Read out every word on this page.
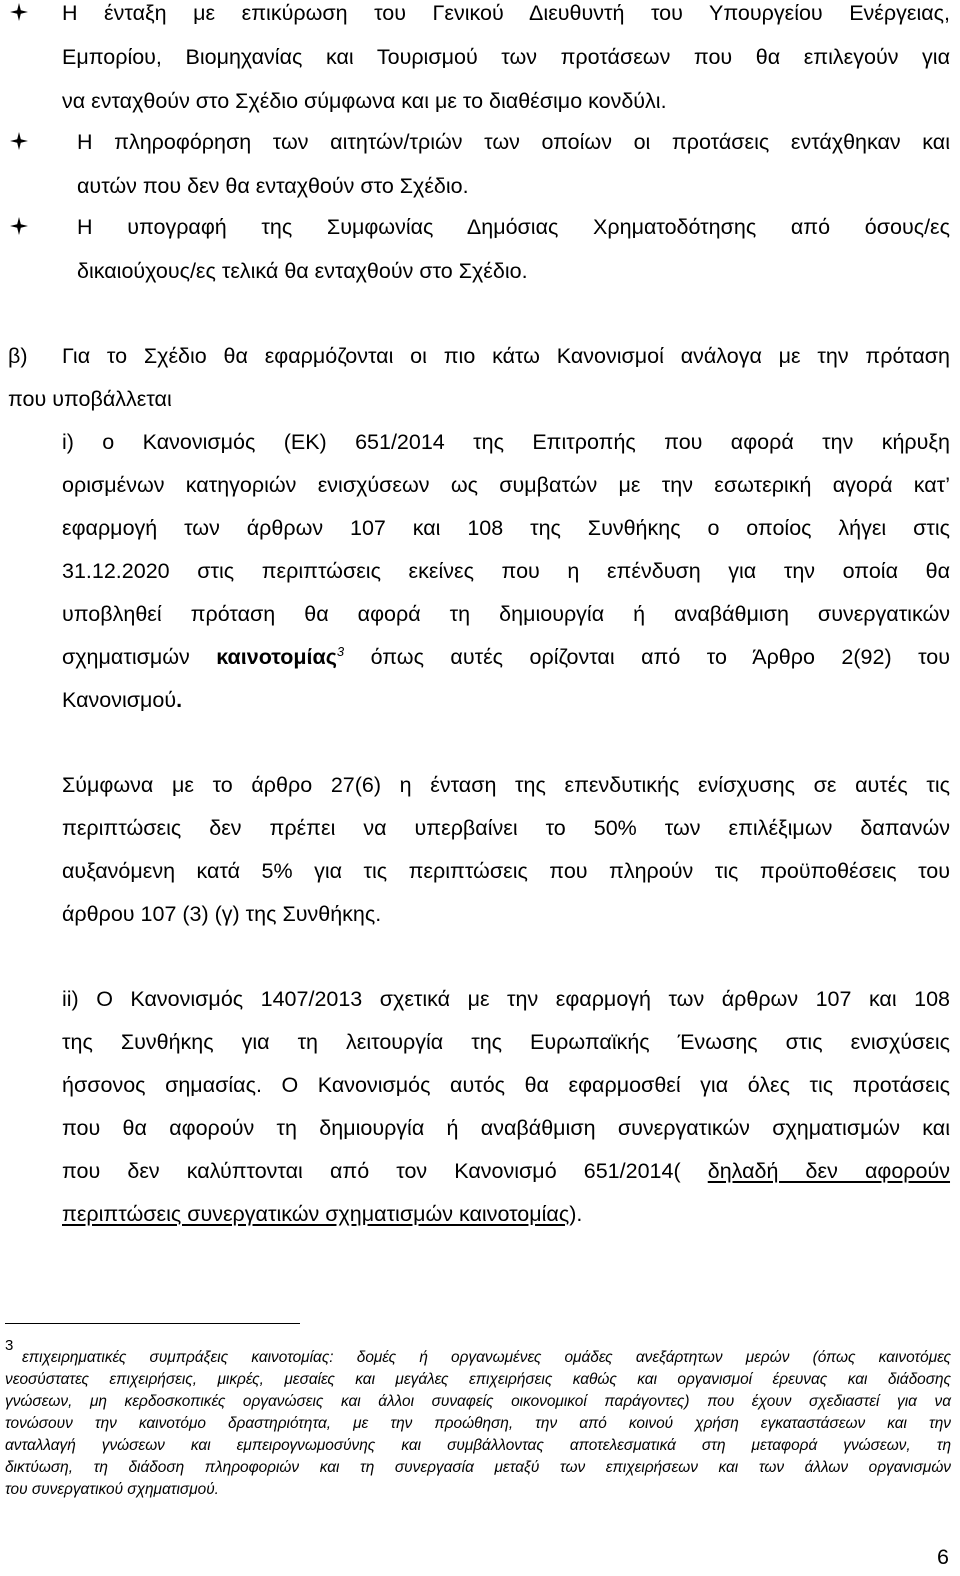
Η ένταξη με επικύρωση του Γενικού Διευθυντή του Υπουργείου Ενέργειας,
Εμπορίου, Βιομηχανίας και Τουρισμού των προτάσεων που θα επιλεγούν για
να ενταχθούν στο Σχέδιο σύμφωνα και με το διαθέσιμο κονδύλι.
Η πληροφόρηση των αιτητών/τριών των οποίων οι προτάσεις εντάχθηκαν και
αυτών που δεν θα ενταχθούν στο Σχέδιο.
Η υπογραφή της Συμφωνίας Δημόσιας Χρηματοδότησης από όσους/ες
δικαιούχους/ες τελικά θα ενταχθούν στο Σχέδιο.
β) Για το Σχέδιο θα εφαρμόζονται οι πιο κάτω Κανονισμοί ανάλογα με την πρόταση
που υποβάλλεται
i) ο Κανονισμός (ΕΚ) 651/2014 της Επιτροπής που αφορά την κήρυξη
ορισμένων κατηγοριών ενισχύσεων ως συμβατών με την εσωτερική αγορά κατ’
εφαρμογή των άρθρων 107 και 108 της Συνθήκης ο οποίος λήγει στις
31.12.2020 στις περιπτώσεις εκείνες που η επένδυση για την οποία θα
υποβληθεί πρόταση θα αφορά τη δημιουργία ή αναβάθμιση συνεργατικών
σχηματισμών καινοτομίας$^3$ όπως αυτές ορίζονται από το Άρθρο 2(92) του
Κανονισμού.
Σύμφωνα με το άρθρο 27(6) η ένταση της επενδυτικής ενίσχυσης σε αυτές τις
περιπτώσεις δεν πρέπει να υπερβαίνει το 50% των επιλέξιμων δαπανών
αυξανόμενη κατά 5% για τις περιπτώσεις που πληρούν τις προϋποθέσεις του
άρθρου 107 (3) (γ) της Συνθήκης.
ii) Ο Κανονισμός 1407/2013 σχετικά με την εφαρμογή των άρθρων 107 και 108
της Συνθήκης για τη λειτουργία της Ευρωπαϊκής Ένωσης στις ενισχύσεις
ήσσονος σημασίας. Ο Κανονισμός αυτός θα εφαρμοσθεί για όλες τις προτάσεις
που θα αφορούν τη δημιουργία ή αναβάθμιση συνεργατικών σχηματισμών και
που δεν καλύπτονται από τον Κανονισμό 651/2014( δηλαδή δεν αφορούν
περιπτώσεις συνεργατικών σχηματισμών καινοτομίας).
3
επιχειρηματικές συμπράξεις καινοτομίας: δομές ή οργανωμένες ομάδες ανεξάρτητων μερών (όπως καινοτόμες
νεοσύστατες επιχειρήσεις, μικρές, μεσαίες και μεγάλες επιχειρήσεις καθώς και οργανισμοί έρευνας και διάδοσης
γνώσεων, μη κερδοσκοπικές οργανώσεις και άλλοι συναφείς οικονομικοί παράγοντες) που έχουν σχεδιαστεί για να
τονώσουν την καινοτόμο δραστηριότητα, με την προώθηση, την από κοινού χρήση εγκαταστάσεων και την
ανταλλαγή γνώσεων και εμπειρογνωμοσύνης και συμβάλλοντας αποτελεσματικά στη μεταφορά γνώσεων, τη
δικτύωση, τη διάδοση πληροφοριών και τη συνεργασία μεταξύ των επιχειρήσεων και των άλλων οργανισμών
του συνεργατικού σχηματισμού.
6
